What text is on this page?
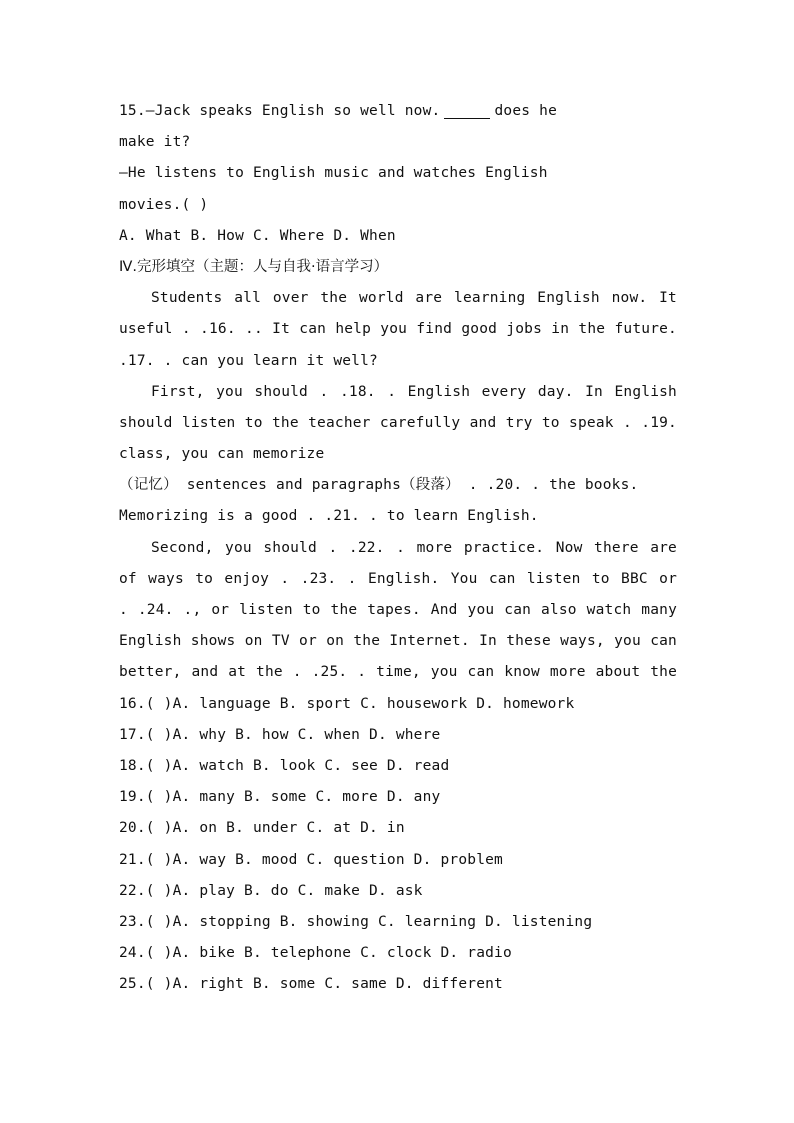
15.—Jack speaks English so well now.	does he
make it?
—He listens to English music and watches English
movies.( )
A. What B. How C. Where D. When
Ⅳ.完形填空（主题：人与自我·语言学习）
Students all over the world are learning English now. It
useful . .16. .. It can help you find good jobs in the future.
.17. . can you learn it well?
First, you should . .18. . English every day. In English
should listen to the teacher carefully and try to speak . .19.
class, you can memorize
（记忆） sentences and paragraphs（段落） . .20. . the books.
Memorizing is a good . .21. . to learn English.
Second, you should . .22. . more practice. Now there are
of ways to enjoy . .23. . English. You can listen to BBC or
. .24. ., or listen to the tapes. And you can also watch many
English shows on TV or on the Internet. In these ways, you can
better, and at the . .25. . time, you can know more about the
16.( )A. language B. sport C. housework D. homework
17.( )A. why B. how C. when D. where
18.( )A. watch B. look C. see D. read
19.( )A. many B. some C. more D. any
20.( )A. on B. under C. at D. in
21.( )A. way B. mood C. question D. problem
22.( )A. play B. do C. make D. ask
23.( )A. stopping B. showing C. learning D. listening
24.( )A. bike B. telephone C. clock D. radio
25.( )A. right B. some C. same D. different
